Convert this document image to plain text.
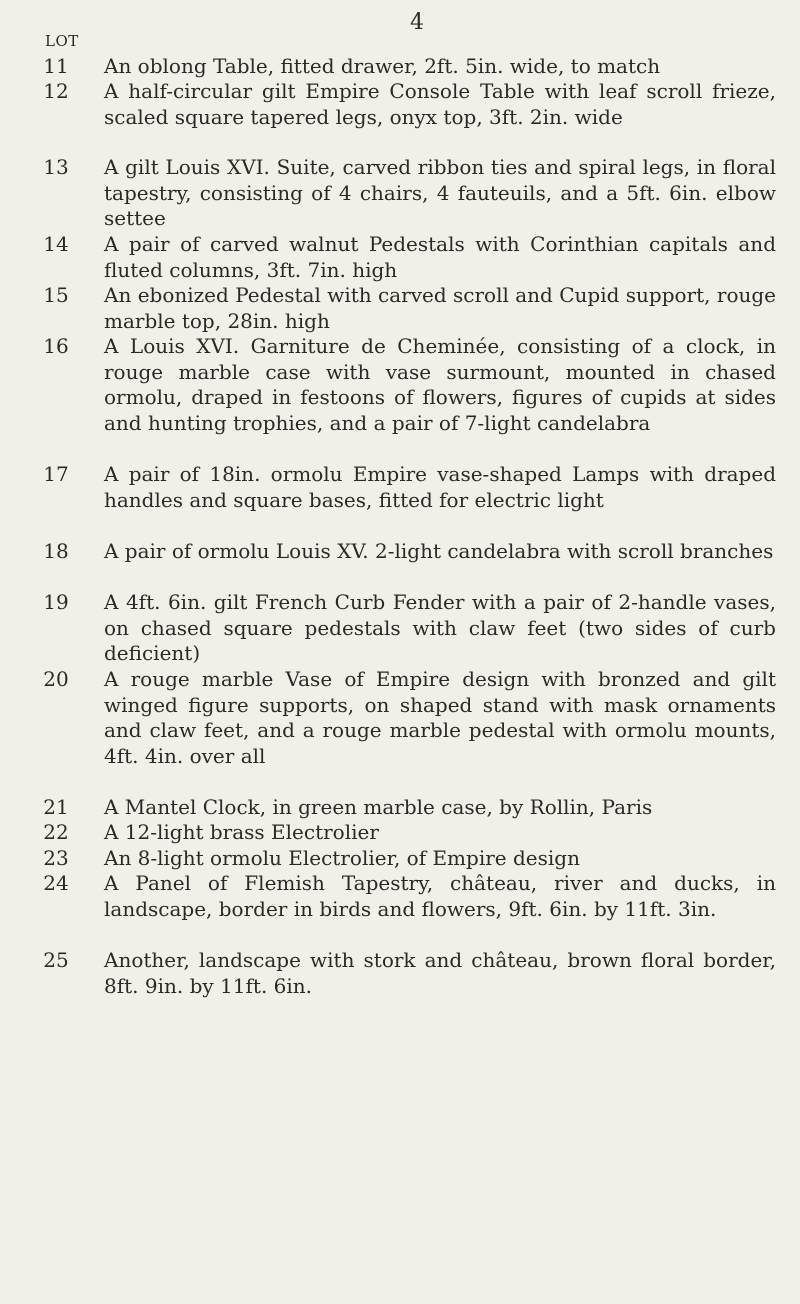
4
LOT
11	An oblong Table, fitted drawer, 2ft. 5in. wide, to match
12	A half-circular gilt Empire Console Table with leaf scroll frieze, scaled square tapered legs, onyx top, 3ft. 2in. wide
13	A gilt Louis XVI. Suite, carved ribbon ties and spiral legs, in floral tapestry, consisting of 4 chairs, 4 fauteuils, and a 5ft. 6in. elbow settee
14	A pair of carved walnut Pedestals with Corinthian capitals and fluted columns, 3ft. 7in. high
15	An ebonized Pedestal with carved scroll and Cupid support, rouge marble top, 28in. high
16	A Louis XVI. Garniture de Cheminée, consisting of a clock, in rouge marble case with vase surmount, mounted in chased ormolu, draped in festoons of flowers, figures of cupids at sides and hunting trophies, and a pair of 7-light candelabra
17	A pair of 18in. ormolu Empire vase-shaped Lamps with draped handles and square bases, fitted for electric light
18	A pair of ormolu Louis XV. 2-light candelabra with scroll branches
19	A 4ft. 6in. gilt French Curb Fender with a pair of 2-handle vases, on chased square pedestals with claw feet (two sides of curb deficient)
20	A rouge marble Vase of Empire design with bronzed and gilt winged figure supports, on shaped stand with mask ornaments and claw feet, and a rouge marble pedestal with ormolu mounts, 4ft. 4in. over all
21	A Mantel Clock, in green marble case, by Rollin, Paris
22	A 12-light brass Electrolier
23	An 8-light ormolu Electrolier, of Empire design
24	A Panel of Flemish Tapestry, château, river and ducks, in landscape, border in birds and flowers, 9ft. 6in. by 11ft. 3in.
25	Another, landscape with stork and château, brown floral border, 8ft. 9in. by 11ft. 6in.
